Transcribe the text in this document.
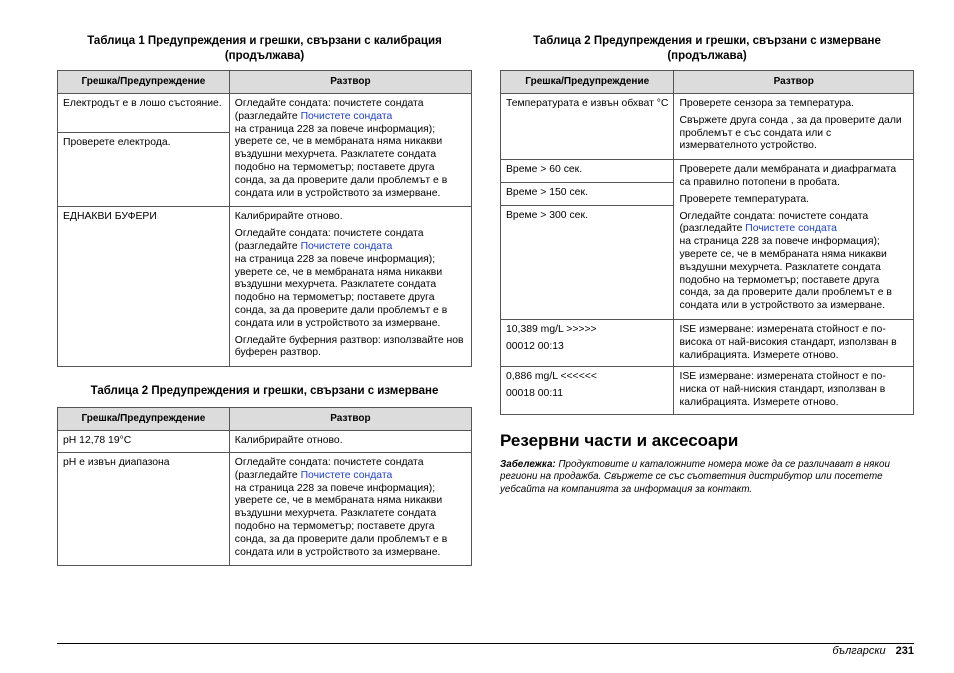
Таблица 1 Предупреждения и грешки, свързани с калибрация
(продължава)
Грешка/Предупреждение	Разтвор
Електродът е в лошо състояние.	Огледайте сондата: почистете сондата (разгледайте Почистете сондата
на страница 228 за повече информация); уверете се, че в мембраната няма никакви въздушни мехурчета. Разклатете сондата подобно на термометър; поставете друга сонда, за да проверите дали проблемът е в сондата или в устройството за измерване.

Проверете електрода.	
ЕДНАКВИ БУФЕРИ	Калибрирайте отново.

Огледайте сондата: почистете сондата (разгледайте Почистете сондата
на страница 228 за повече информация); уверете се, че в мембраната няма никакви въздушни мехурчета. Разклатете сондата подобно на термометър; поставете друга сонда, за да проверите дали проблемът е в сондата или в устройството за измерване.

Огледайте буферния разтвор: използвайте нов буферен разтвор.

Таблица 2 Предупреждения и грешки, свързани с измерване
Грешка/Предупреждение	Разтвор
pH 12,78 19°C	Калибрирайте отново.
pH е извън диапазона	Огледайте сондата: почистете сондата (разгледайте Почистете сондата
на страница 228 за повече информация); уверете се, че в мембраната няма никакви въздушни мехурчета. Разклатете сондата подобно на термометър; поставете друга сонда, за да проверите дали проблемът е в сондата или в устройството за измерване.

Таблица 2 Предупреждения и грешки, свързани с измерване
(продължава)
Грешка/Предупреждение	Разтвор
Температурата е извън обхват °C	Проверете сензора за температура.

Свържете друга сонда , за да проверите дали проблемът е със сондата или с измервателното устройство.

Време > 60 сек.	Проверете дали мембраната и диафрагмата са правилно потопени в пробата.

Проверете температурата.

Огледайте сондата: почистете сондата (разгледайте Почистете сондата
на страница 228 за повече информация); уверете се, че в мембраната няма никакви въздушни мехурчета. Разклатете сондата подобно на термометър; поставете друга сонда, за да проверите дали проблемът е в сондата или в устройството за измерване.

Време > 150 сек.	
Време > 300 сек.	

10,389 mg/L >>>>>

00012 00:13	ISE измерване: измерената стойност е по-висока от най-високия стандарт, използван в калибрацията. Измерете отново.

0,886 mg/L <<<<<<

00018 00:11	ISE измерване: измерената стойност е по-ниска от най-ниския стандарт, използван в калибрацията. Измерете отново.
Резервни части и аксесоари

Забележка: Продуктовите и каталожните номера може да се различават в някои региони на продажба. Свържете се със съответния дистрибутор или посетете уебсайта на компанията за информация за контакт.

български 231
